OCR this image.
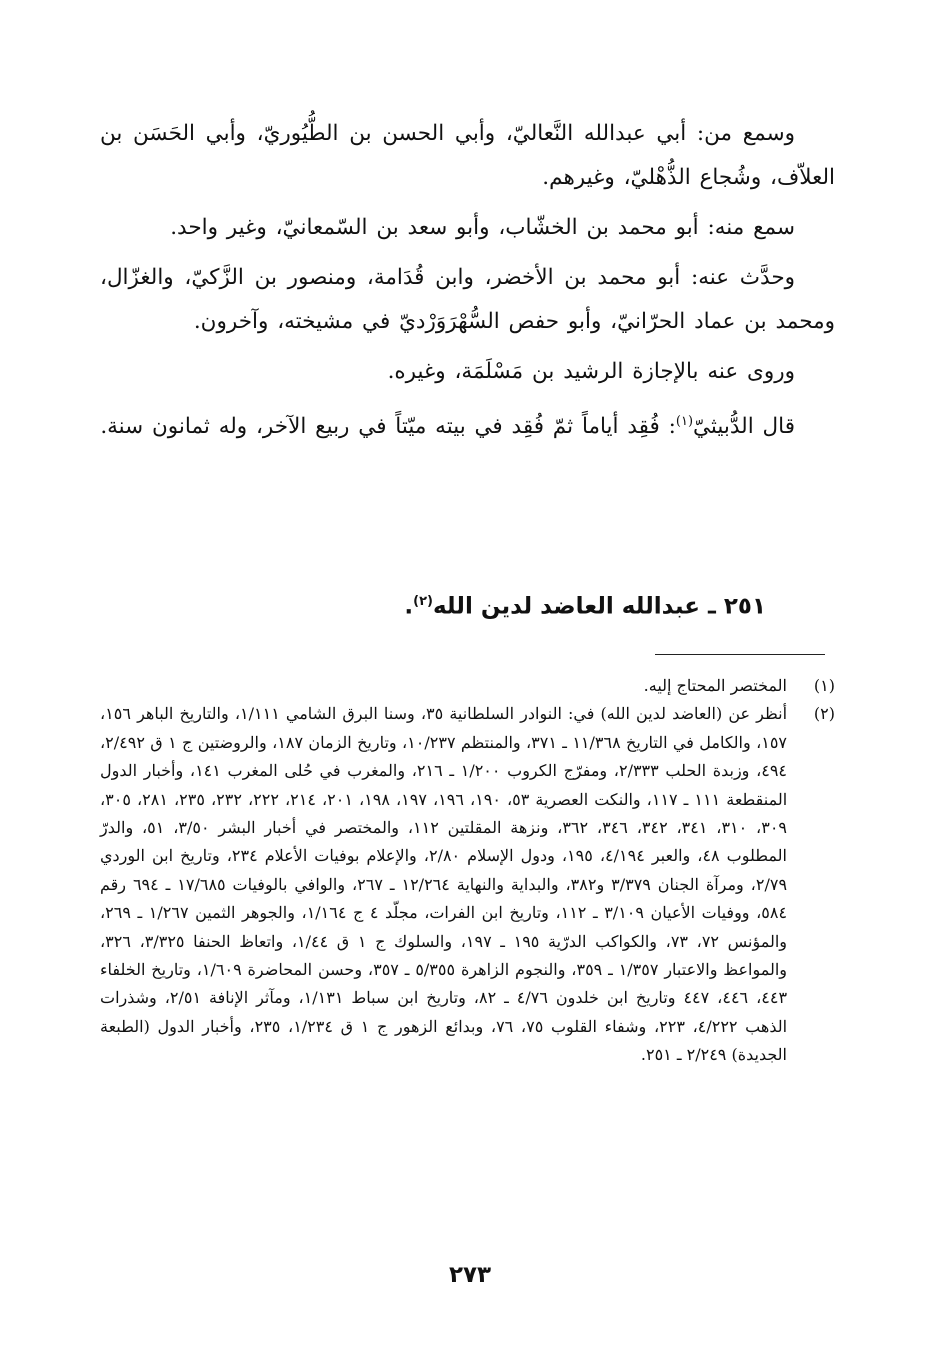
وسمع من: أبي عبدالله النَّعاليّ، وأبي الحسن بن الطُّيُوريّ، وأبي الحَسَن بن العلاّف، وشُجاع الذُّهْليّ، وغيرهم.

سمع منه: أبو محمد بن الخشّاب، وأبو سعد بن السّمعانيّ، وغير واحد.

وحدَّث عنه: أبو محمد بن الأخضر، وابن قُدَامة، ومنصور بن الزَّكيّ، والغزّال، ومحمد بن عماد الحرّانيّ، وأبو حفص السُّهْرَوَرْديّ في مشيخته، وآخرون.

وروى عنه بالإجازة الرشيد بن مَسْلَمَة، وغيره.

قال الدُّبيثيّ$^{(١)}$: فُقِد أياماً ثمّ فُقِد في بيته ميّتاً في ربيع الآخر، وله ثمانون سنة.

٢٥١ ـ عبدالله العاضد لدين الله$^{(٢)}$.
(١)
المختصر المحتاج إليه.
(٢)
أنظر عن (العاضد لدين الله) في: النوادر السلطانية ٣٥، وسنا البرق الشامي ١/١١١، والتاريخ الباهر ١٥٦، ١٥٧، والكامل في التاريخ ١١/٣٦٨ ـ ٣٧١، والمنتظم ١٠/٢٣٧، وتاريخ الزمان ١٨٧، والروضتين ج ١ ق ٢/٤٩٢، ٤٩٤، وزبدة الحلب ٢/٣٣٣، ومفرّج الكروب ١/٢٠٠ ـ ٢١٦، والمغرب في حُلى المغرب ١٤١، وأخبار الدول المنقطعة ١١١ ـ ١١٧، والنكت العصرية ٥٣، ١٩٠، ١٩٦، ١٩٧، ١٩٨، ٢٠١، ٢١٤، ٢٢٢، ٢٣٢، ٢٣٥، ٢٨١، ٣٠٥، ٣٠٩، ٣١٠، ٣٤١، ٣٤٢، ٣٤٦، ٣٦٢، ونزهة المقلتين ١١٢، والمختصر في أخبار البشر ٣/٥٠، ٥١، والدرّ المطلوب ٤٨، والعبر ٤/١٩٤، ١٩٥، ودول الإسلام ٢/٨٠، والإعلام بوفيات الأعلام ٢٣٤، وتاريخ ابن الوردي ٢/٧٩، ومرآة الجنان ٣/٣٧٩ و٣٨٢، والبداية والنهاية ١٢/٢٦٤ ـ ٢٦٧، والوافي بالوفيات ١٧/٦٨٥ ـ ٦٩٤ رقم ٥٨٤، ووفيات الأعيان ٣/١٠٩ ـ ١١٢، وتاريخ ابن الفرات، مجلّد ٤ ج ١/١٦٤، والجوهر الثمين ١/٢٦٧ ـ ٢٦٩، والمؤنس ٧٢، ٧٣، والكواكب الدرّية ١٩٥ ـ ١٩٧، والسلوك ج ١ ق ١/٤٤، واتعاظ الحنفا ٣/٣٢٥، ٣٢٦، والمواعظ والاعتبار ١/٣٥٧ ـ ٣٥٩، والنجوم الزاهرة ٥/٣٥٥ ـ ٣٥٧، وحسن المحاضرة ١/٦٠٩، وتاريخ الخلفاء ٤٤٣، ٤٤٦، ٤٤٧ وتاريخ ابن خلدون ٤/٧٦ ـ ٨٢، وتاريخ ابن سباط ١/١٣١، ومآثر الإنافة ٢/٥١، وشذرات الذهب ٤/٢٢٢، ٢٢٣، وشفاء القلوب ٧٥، ٧٦، وبدائع الزهور ج ١ ق ١/٢٣٤، ٢٣٥، وأخبار الدول (الطبعة الجديدة) ٢/٢٤٩ ـ ٢٥١.
٢٧٣
